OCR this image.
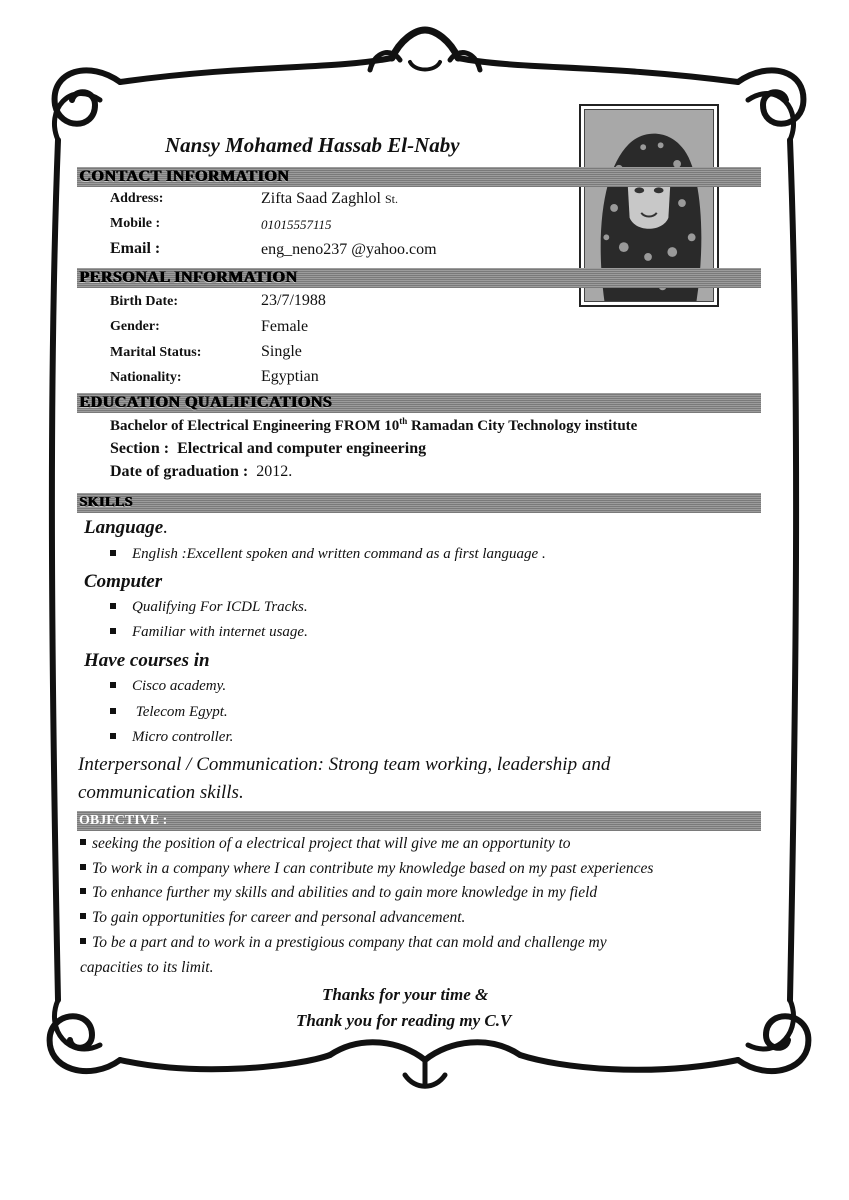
Nansy Mohamed Hassab El-Naby
CONTACT INFORMATION
Address:	Zifta Saad Zaghlol St.
Mobile :	01015557115
Email :	eng_neno237 @yahoo.com
PERSONAL INFORMATION
Birth Date:	23/7/1988
Gender:	Female
Marital Status:	Single
Nationality:	Egyptian
EDUCATION QUALIFICATIONS
Bachelor of Electrical Engineering FROM 10th Ramadan City Technology institute
Section : Electrical and computer engineering
Date of graduation : 2012.
SKILLS
Language.
English :Excellent spoken and written command as a first language .
Computer
Qualifying For ICDL Tracks.
Familiar with internet usage.
Have courses in
Cisco academy.
Telecom Egypt.
Micro controller.
Interpersonal / Communication: Strong team working, leadership and
communication skills.
OBJFCTIVE :
seeking the position of a electrical project that will give me an opportunity to
To work in a company where I can contribute my knowledge based on my past experiences
To enhance further my skills and abilities and to gain more knowledge in my field
To gain opportunities for career and personal advancement.
To be a part and to work in a prestigious company that can mold and challenge my
capacities to its limit.
Thanks for your time &
Thank you for reading my C.V
